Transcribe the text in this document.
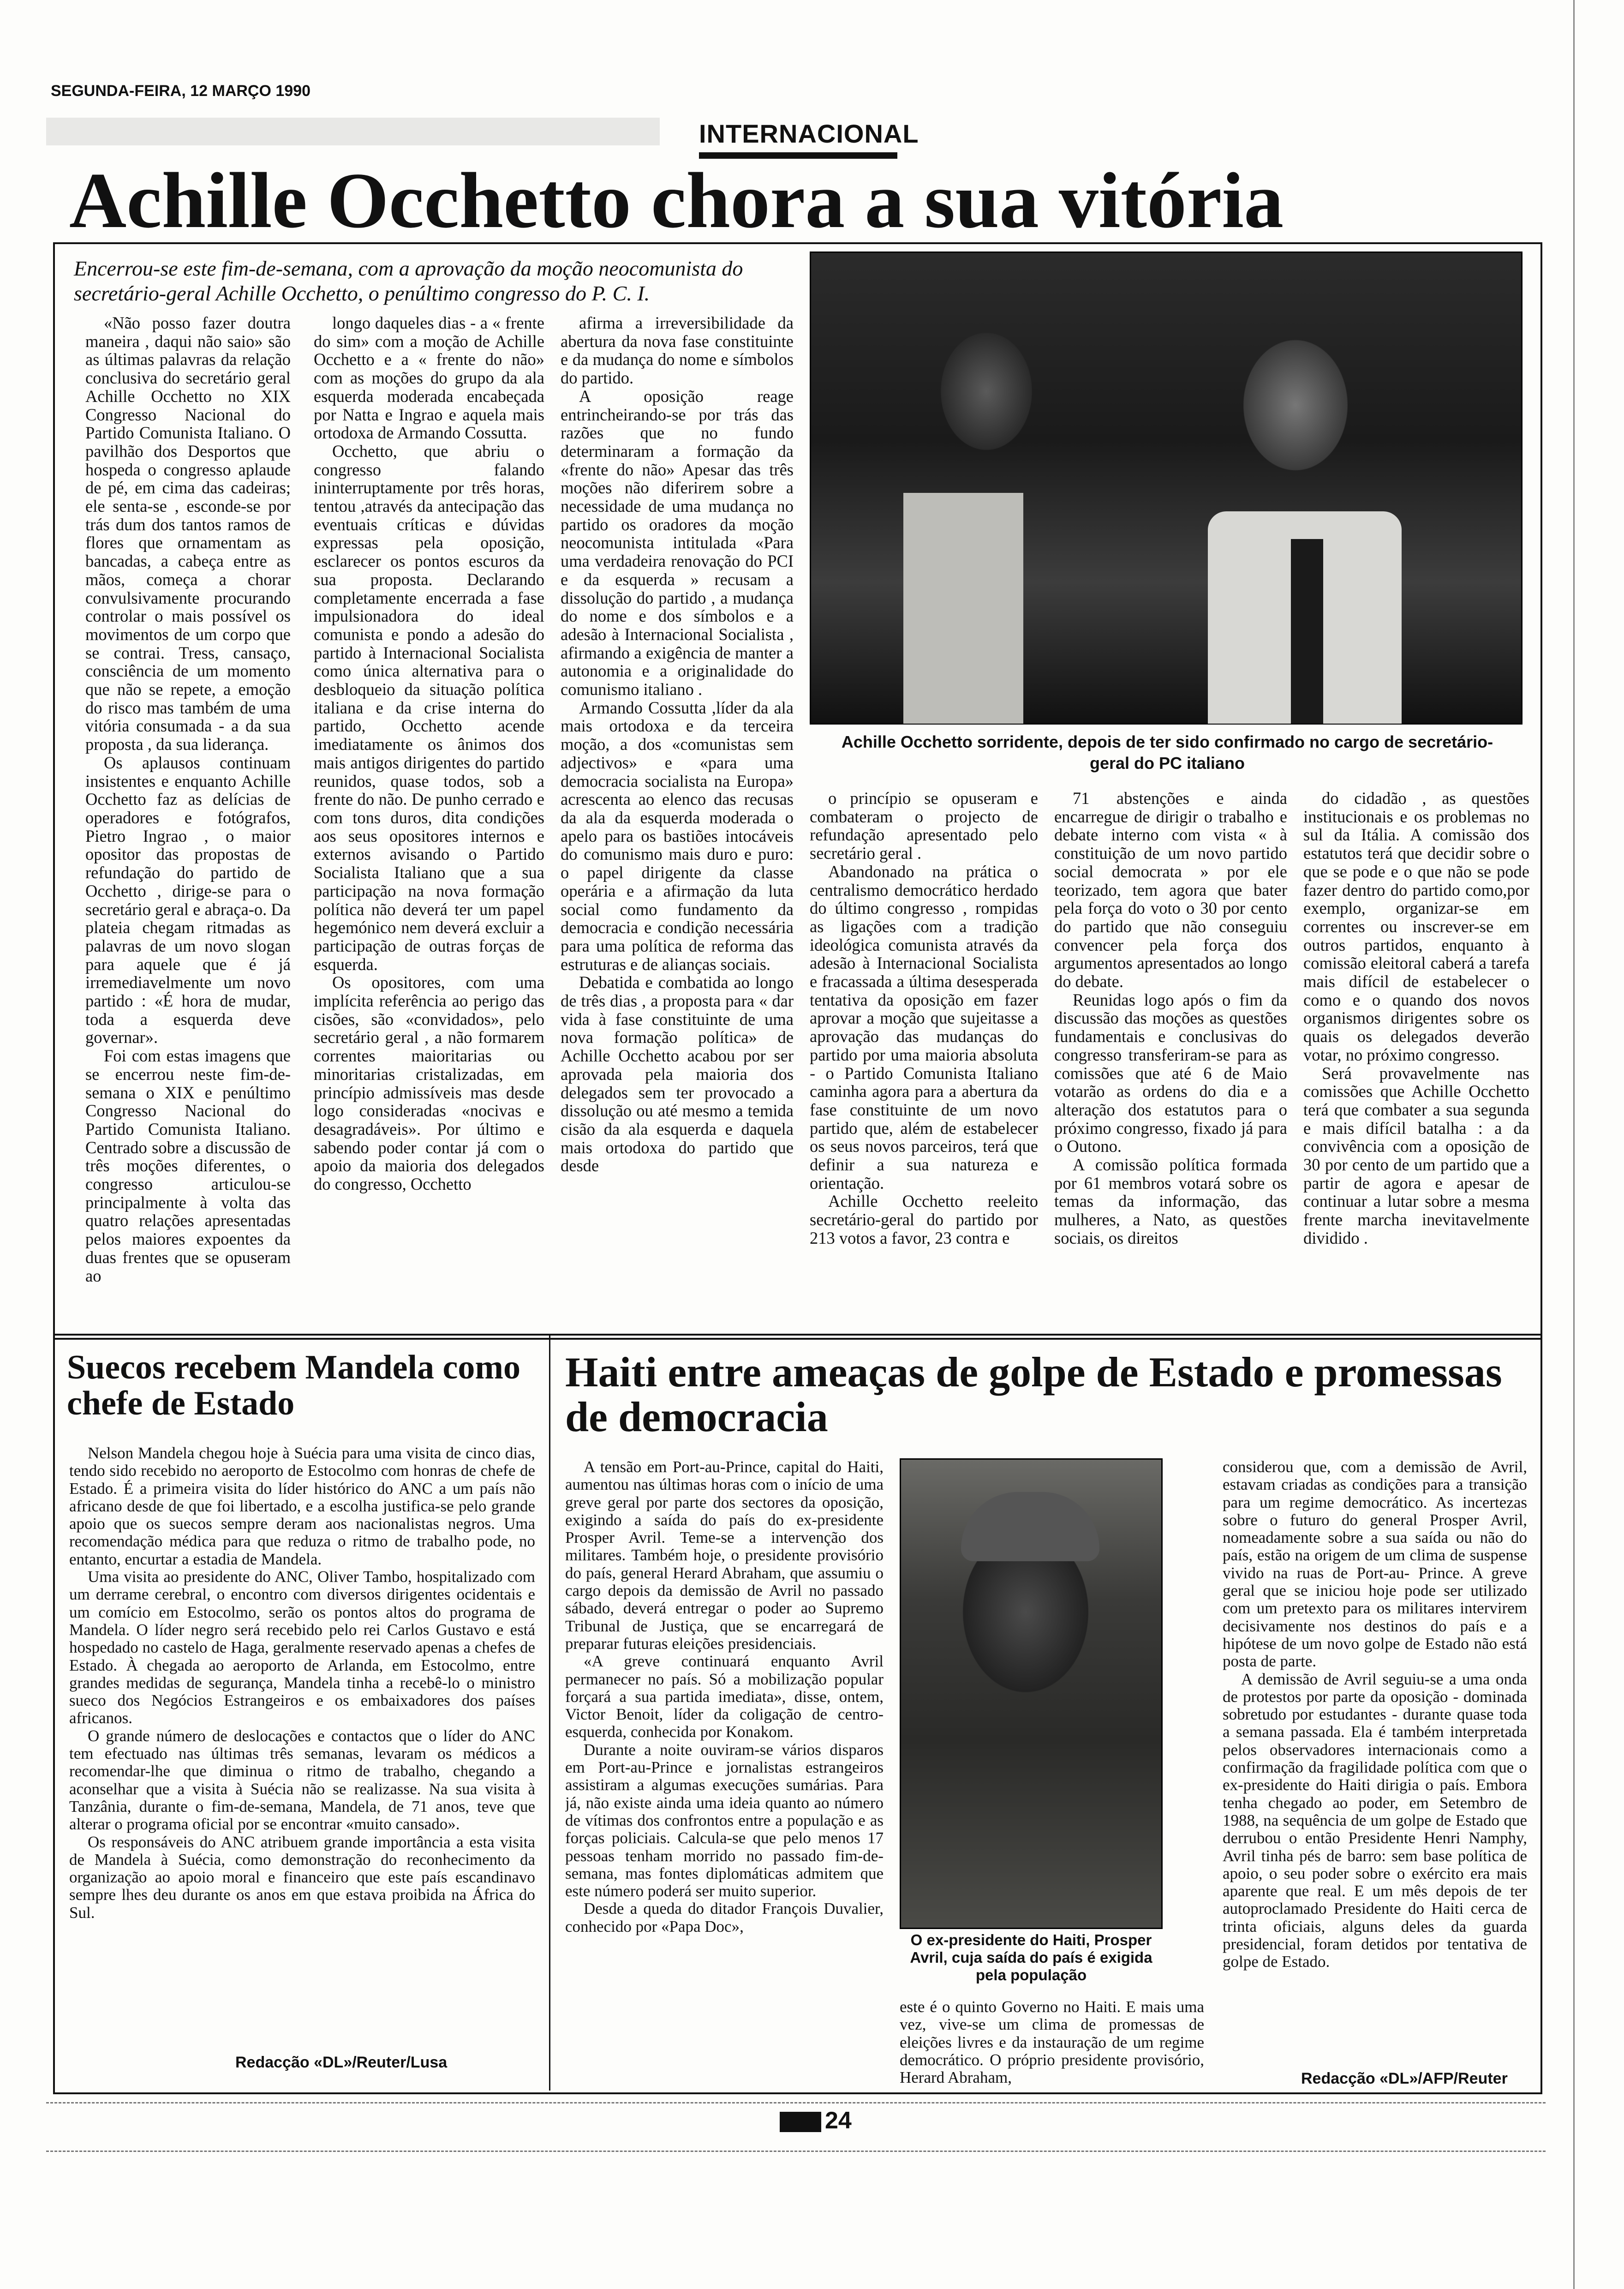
SEGUNDA-FEIRA, 12 MARÇO 1990
INTERNACIONAL
Achille Occhetto chora a sua vitória
Encerrou-se este fim-de-semana, com a aprovação da moção neocomunista do secretário-geral Achille Occhetto, o penúltimo congresso do P. C. I.

«Não posso fazer doutra maneira , daqui não saio» são as últimas palavras da relação conclusiva do secretário geral Achille Occhetto no XIX Congresso Nacional do Partido Comunista Italiano. O pavilhão dos Desportos que hospeda o congresso aplaude de pé, em cima das cadeiras; ele senta-se , esconde-se por trás dum dos tantos ramos de flores que ornamentam as bancadas, a cabeça entre as mãos, começa a chorar convulsivamente procurando controlar o mais possível os movimentos de um corpo que se contrai. Tress, cansaço, consciência de um momento que não se repete, a emoção do risco mas também de uma vitória consumada - a da sua proposta , da sua liderança.

Os aplausos continuam insistentes e enquanto Achille Occhetto faz as delícias de operadores e fotógrafos, Pietro Ingrao , o maior opositor das propostas de refundação do partido de Occhetto , dirige-se para o secretário geral e abraça-o. Da plateia chegam ritmadas as palavras de um novo slogan para aquele que é já irremediavelmente um novo partido : «É hora de mudar, toda a esquerda deve governar».

Foi com estas imagens que se encerrou neste fim-de-semana o XIX e penúltimo Congresso Nacional do Partido Comunista Italiano. Centrado sobre a discussão de três moções diferentes, o congresso articulou-se principalmente à volta das quatro relações apresentadas pelos maiores expoentes da duas frentes que se opuseram ao

longo daqueles dias - a « frente do sim» com a moção de Achille Occhetto e a « frente do não» com as moções do grupo da ala esquerda moderada encabeçada por Natta e Ingrao e aquela mais ortodoxa de Armando Cossutta.

Occhetto, que abriu o congresso falando ininterruptamente por três horas, tentou ,através da antecipação das eventuais críticas e dúvidas expressas pela oposição, esclarecer os pontos escuros da sua proposta. Declarando completamente encerrada a fase impulsionadora do ideal comunista e pondo a adesão do partido à Internacional Socialista como única alternativa para o desbloqueio da situação política italiana e da crise interna do partido, Occhetto acende imediatamente os ânimos dos mais antigos dirigentes do partido reunidos, quase todos, sob a frente do não. De punho cerrado e com tons duros, dita condições aos seus opositores internos e externos avisando o Partido Socialista Italiano que a sua participação na nova formação política não deverá ter um papel hegemónico nem deverá excluir a participação de outras forças de esquerda.

Os opositores, com uma implícita referência ao perigo das cisões, são «convidados», pelo secretário geral , a não formarem correntes maioritarias ou minoritarias cristalizadas, em princípio admissíveis mas desde logo consideradas «nocivas e desagradáveis». Por último e sabendo poder contar já com o apoio da maioria dos delegados do congresso, Occhetto

afirma a irreversibilidade da abertura da nova fase constituinte e da mudança do nome e símbolos do partido.

A oposição reage entrincheirando-se por trás das razões que no fundo determinaram a formação da «frente do não» Apesar das três moções não diferirem sobre a necessidade de uma mudança no partido os oradores da moção neocomunista intitulada «Para uma verdadeira renovação do PCI e da esquerda » recusam a dissolução do partido , a mudança do nome e dos símbolos e a adesão à Internacional Socialista , afirmando a exigência de manter a autonomia e a originalidade do comunismo italiano .

Armando Cossutta ,líder da ala mais ortodoxa e da terceira moção, a dos «comunistas sem adjectivos» e «para uma democracia socialista na Europa» acrescenta ao elenco das recusas da ala da esquerda moderada o apelo para os bastiões intocáveis do comunismo mais duro e puro: o papel dirigente da classe operária e a afirmação da luta social como fundamento da democracia e condição necessária para uma política de reforma das estruturas e de alianças sociais.

Debatida e combatida ao longo de três dias , a proposta para « dar vida à fase constituinte de uma nova formação política» de Achille Occhetto acabou por ser aprovada pela maioria dos delegados sem ter provocado a dissolução ou até mesmo a temida cisão da ala esquerda e daquela mais ortodoxa do partido que desde

Achille Occhetto sorridente, depois de ter sido confirmado no cargo de secretário-geral do PC italiano

o princípio se opuseram e combateram o projecto de refundação apresentado pelo secretário geral .

Abandonado na prática o centralismo democrático herdado do último congresso , rompidas as ligações com a tradição ideológica comunista através da adesão à Internacional Socialista e fracassada a última desesperada tentativa da oposição em fazer aprovar a moção que sujeitasse a aprovação das mudanças do partido por uma maioria absoluta - o Partido Comunista Italiano caminha agora para a abertura da fase constituinte de um novo partido que, além de estabelecer os seus novos parceiros, terá que definir a sua natureza e orientação.

Achille Occhetto reeleito secretário-geral do partido por 213 votos a favor, 23 contra e

71 abstenções e ainda encarregue de dirigir o trabalho e debate interno com vista « à constituição de um novo partido social democrata » por ele teorizado, tem agora que bater pela força do voto o 30 por cento do partido que não conseguiu convencer pela força dos argumentos apresentados ao longo do debate.

Reunidas logo após o fim da discussão das moções as questões fundamentais e conclusivas do congresso transferiram-se para as comissões que até 6 de Maio votarão as ordens do dia e a alteração dos estatutos para o próximo congresso, fixado já para o Outono.

A comissão política formada por 61 membros votará sobre os temas da informação, das mulheres, a Nato, as questões sociais, os direitos

do cidadão , as questões institucionais e os problemas no sul da Itália. A comissão dos estatutos terá que decidir sobre o que se pode e o que não se pode fazer dentro do partido como,por exemplo, organizar-se em correntes ou inscrever-se em outros partidos, enquanto à comissão eleitoral caberá a tarefa mais difícil de estabelecer o como e o quando dos novos organismos dirigentes sobre os quais os delegados deverão votar, no próximo congresso.

Será provavelmente nas comissões que Achille Occhetto terá que combater a sua segunda e mais difícil batalha : a da convivência com a oposição de 30 por cento de um partido que a partir de agora e apesar de continuar a lutar sobre a mesma frente marcha inevitavelmente dividido .

Suecos recebem Mandela como chefe de Estado

Nelson Mandela chegou hoje à Suécia para uma visita de cinco dias, tendo sido recebido no aeroporto de Estocolmo com honras de chefe de Estado. É a primeira visita do líder histórico do ANC a um país não africano desde de que foi libertado, e a escolha justifica-se pelo grande apoio que os suecos sempre deram aos nacionalistas negros. Uma recomendação médica para que reduza o ritmo de trabalho pode, no entanto, encurtar a estadia de Mandela.

Uma visita ao presidente do ANC, Oliver Tambo, hospitalizado com um derrame cerebral, o encontro com diversos dirigentes ocidentais e um comício em Estocolmo, serão os pontos altos do programa de Mandela. O líder negro será recebido pelo rei Carlos Gustavo e está hospedado no castelo de Haga, geralmente reservado apenas a chefes de Estado. À chegada ao aeroporto de Arlanda, em Estocolmo, entre grandes medidas de segurança, Mandela tinha a recebê-lo o ministro sueco dos Negócios Estrangeiros e os embaixadores dos países africanos.

O grande número de deslocações e contactos que o líder do ANC tem efectuado nas últimas três semanas, levaram os médicos a recomendar-lhe que diminua o ritmo de trabalho, chegando a aconselhar que a visita à Suécia não se realizasse. Na sua visita à Tanzânia, durante o fim-de-semana, Mandela, de 71 anos, teve que alterar o programa oficial por se encontrar «muito cansado».

Os responsáveis do ANC atribuem grande importância a esta visita de Mandela à Suécia, como demonstração do reconhecimento da organização ao apoio moral e financeiro que este país escandinavo sempre lhes deu durante os anos em que estava proibida na África do Sul.

Redacção «DL»/Reuter/Lusa
Haiti entre ameaças de golpe de Estado e promessas de democracia

A tensão em Port-au-Prince, capital do Haiti, aumentou nas últimas horas com o início de uma greve geral por parte dos sectores da oposição, exigindo a saída do país do ex-presidente Prosper Avril. Teme-se a intervenção dos militares. Também hoje, o presidente provisório do país, general Herard Abraham, que assumiu o cargo depois da demissão de Avril no passado sábado, deverá entregar o poder ao Supremo Tribunal de Justiça, que se encarregará de preparar futuras eleições presidenciais.

«A greve continuará enquanto Avril permanecer no país. Só a mobilização popular forçará a sua partida imediata», disse, ontem, Victor Benoit, líder da coligação de centro-esquerda, conhecida por Konakom.

Durante a noite ouviram-se vários disparos em Port-au-Prince e jornalistas estrangeiros assistiram a algumas execuções sumárias. Para já, não existe ainda uma ideia quanto ao número de vítimas dos confrontos entre a população e as forças policiais. Calcula-se que pelo menos 17 pessoas tenham morrido no passado fim-de-semana, mas fontes diplomáticas admitem que este número poderá ser muito superior.

Desde a queda do ditador François Duvalier, conhecido por «Papa Doc»,

O ex-presidente do Haiti, Prosper Avril, cuja saída do país é exigida pela população

este é o quinto Governo no Haiti. E mais uma vez, vive-se um clima de promessas de eleições livres e da instauração de um regime democrático. O próprio presidente provisório, Herard Abraham,

considerou que, com a demissão de Avril, estavam criadas as condições para a transição para um regime democrático. As incertezas sobre o futuro do general Prosper Avril, nomeadamente sobre a sua saída ou não do país, estão na origem de um clima de suspense vivido na ruas de Port-au- Prince. A greve geral que se iniciou hoje pode ser utilizado com um pretexto para os militares intervirem decisivamente nos destinos do país e a hipótese de um novo golpe de Estado não está posta de parte.

A demissão de Avril seguiu-se a uma onda de protestos por parte da oposição - dominada sobretudo por estudantes - durante quase toda a semana passada. Ela é também interpretada pelos observadores internacionais como a confirmação da fragilidade política com que o ex-presidente do Haiti dirigia o país. Embora tenha chegado ao poder, em Setembro de 1988, na sequência de um golpe de Estado que derrubou o então Presidente Henri Namphy, Avril tinha pés de barro: sem base política de apoio, o seu poder sobre o exército era mais aparente que real. E um mês depois de ter autoproclamado Presidente do Haiti cerca de trinta oficiais, alguns deles da guarda presidencial, foram detidos por tentativa de golpe de Estado.

Redacção «DL»/AFP/Reuter
24
